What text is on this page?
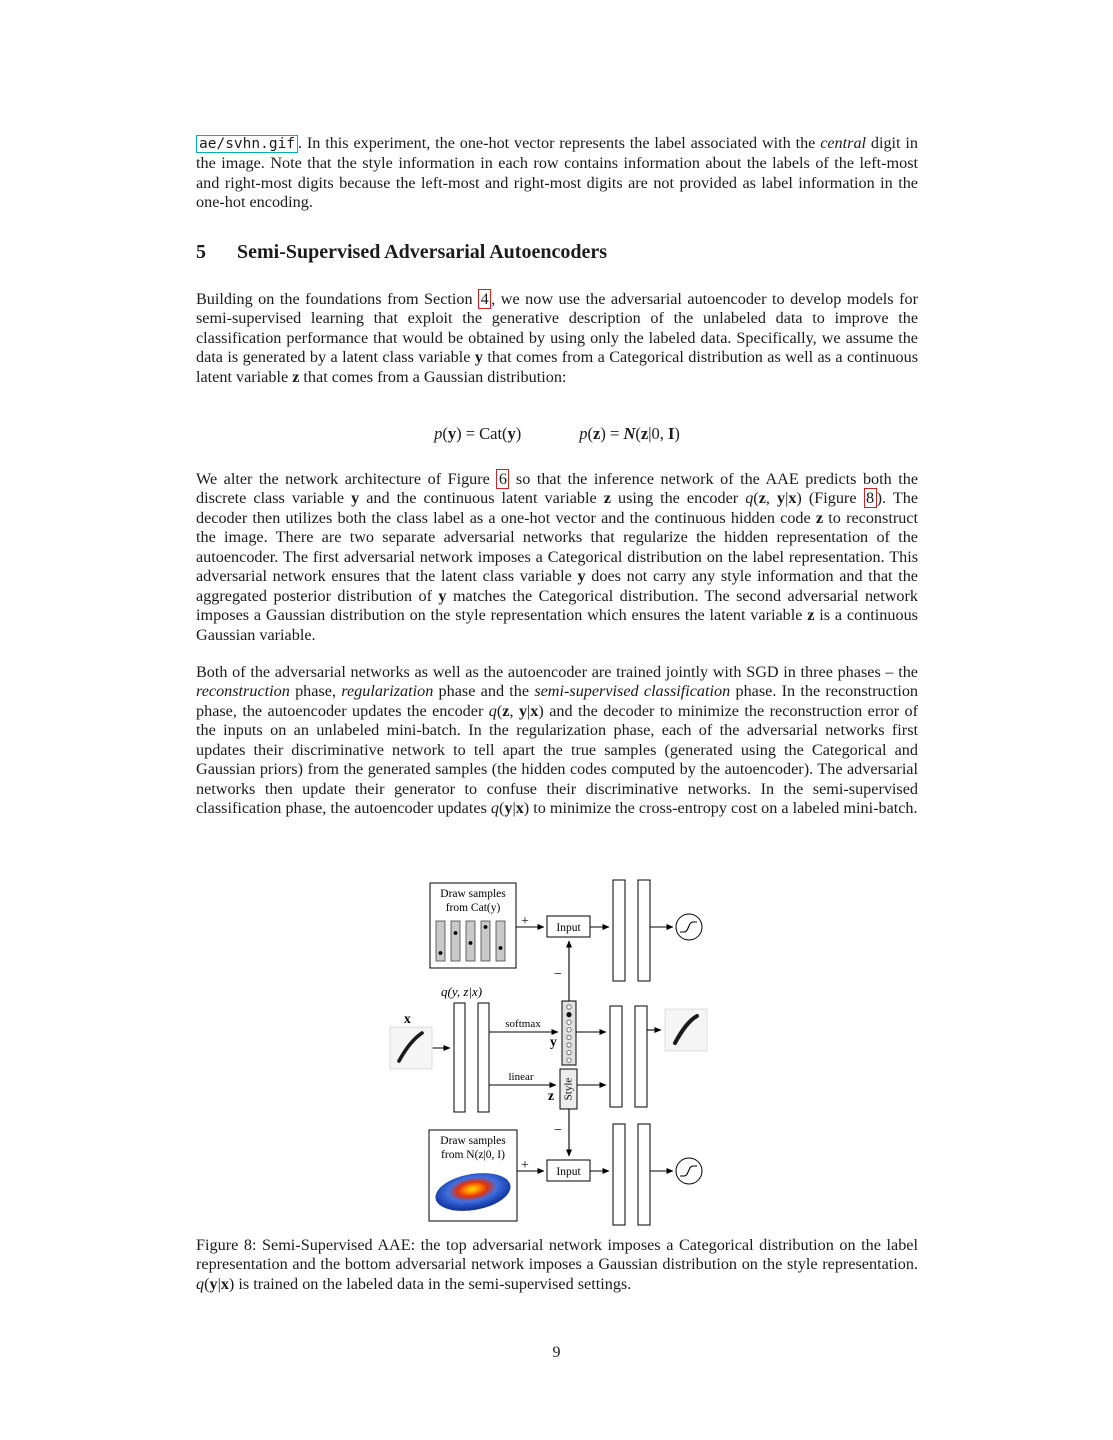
ae/svhn.gif . In this experiment, the one-hot vector represents the label associated with the central digit in the image. Note that the style information in each row contains information about the labels of the left-most and right-most digits because the left-most and right-most digits are not provided as label information in the one-hot encoding.

5 Semi-Supervised Adversarial Autoencoders

Building on the foundations from Section 4 , we now use the adversarial autoencoder to develop models for semi-supervised learning that exploit the generative description of the unlabeled data to improve the classification performance that would be obtained by using only the labeled data. Specifically, we assume the data is generated by a latent class variable y that comes from a Categorical distribution as well as a continuous latent variable z that comes from a Gaussian distribution:

p(y) = Cat(y)	p(z) = N(z|0, I)

We alter the network architecture of Figure 6 so that the inference network of the AAE predicts both the discrete class variable y and the continuous latent variable z using the encoder q(z, y|x) (Figure 8 ). The decoder then utilizes both the class label as a one-hot vector and the continuous hidden code z to reconstruct the image. There are two separate adversarial networks that regularize the hidden representation of the autoencoder. The first adversarial network imposes a Categorical distribution on the label representation. This adversarial network ensures that the latent class variable y does not carry any style information and that the aggregated posterior distribution of y matches the Categorical distribution. The second adversarial network imposes a Gaussian distribution on the style representation which ensures the latent variable z is a continuous Gaussian variable.

Both of the adversarial networks as well as the autoencoder are trained jointly with SGD in three phases – the reconstruction phase, regularization phase and the semi-supervised classification phase. In the reconstruction phase, the autoencoder updates the encoder q(z, y|x) and the decoder to minimize the reconstruction error of the inputs on an unlabeled mini-batch. In the regularization phase, each of the adversarial networks first updates their discriminative network to tell apart the true samples (generated using the Categorical and Gaussian priors) from the generated samples (the hidden codes computed by the autoencoder). The adversarial networks then update their generator to confuse their discriminative networks. In the semi-supervised classification phase, the autoencoder updates q(y|x) to minimize the cross-entropy cost on a labeled mini-batch.

Draw samples
from Cat(y)
+
−
Input
q(y, z|x)
x	softmax
linear
y
Style
z
Draw samples
from N(z|0, I)
+
−
Input

Figure 8: Semi-Supervised AAE: the top adversarial network imposes a Categorical distribution on the label representation and the bottom adversarial network imposes a Gaussian distribution on the style representation. q(y|x) is trained on the labeled data in the semi-supervised settings.

9
